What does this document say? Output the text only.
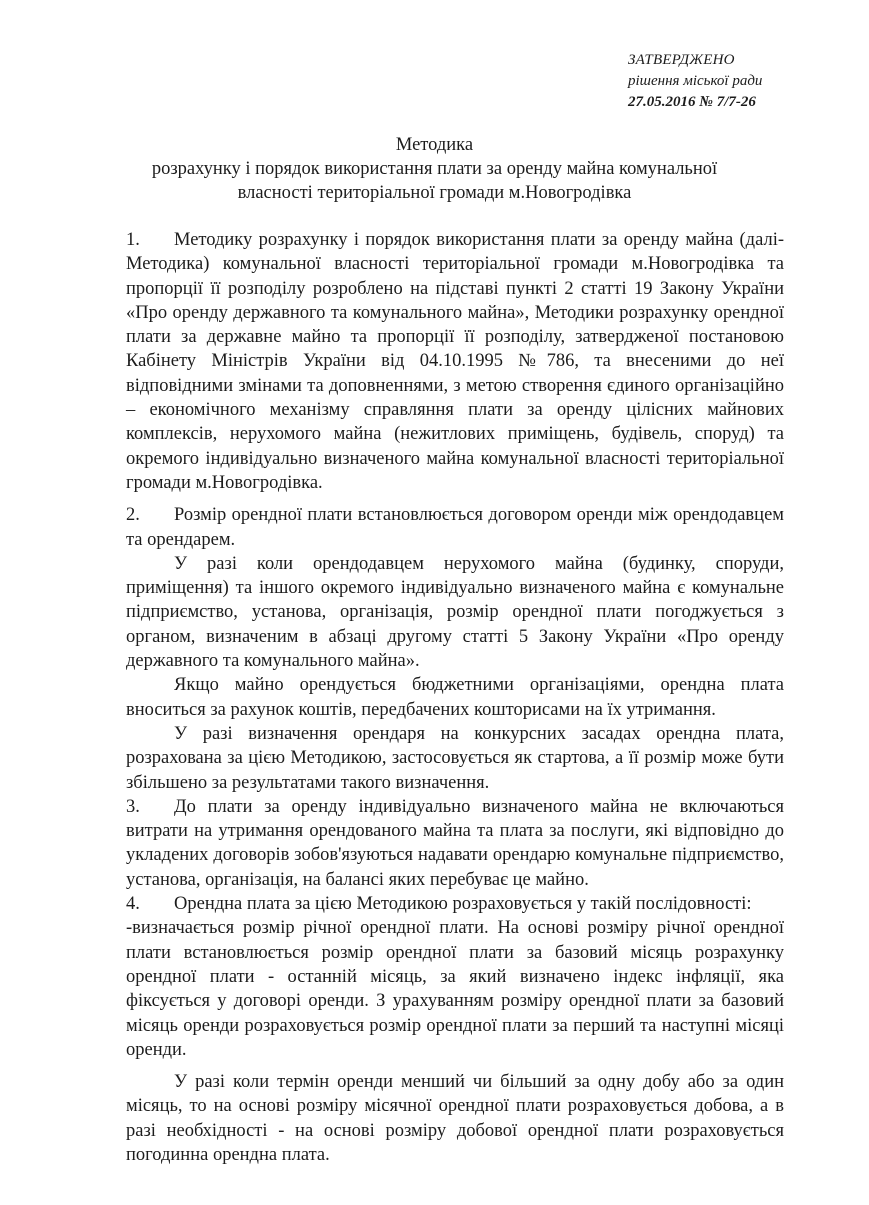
ЗАТВЕРДЖЕНО
рішення міської ради
27.05.2016 № 7/7-26
Методика
розрахунку і порядок використання плати за оренду майна комунальної
власності територіальної громади м.Новогродівка

1. Методику розрахунку і порядок використання плати за оренду майна (далі-Методика) комунальної власності територіальної громади м.Новогродівка та пропорції її розподілу розроблено на підставі пункті 2 статті 19 Закону України «Про оренду державного та комунального майна», Методики розрахунку орендної плати за державне майно та пропорції її розподілу, затвердженої постановою Кабінету Міністрів України від 04.10.1995 №786, та внесеними до неї відповідними змінами та доповненнями, з метою створення єдиного організаційно – економічного механізму справляння плати за оренду цілісних майнових комплексів, нерухомого майна (нежитлових приміщень, будівель, споруд) та окремого індивідуально визначеного майна комунальної власності територіальної громади м.Новогродівка.

2. Розмір орендної плати встановлюється договором оренди між орендодавцем та орендарем.

У разі коли орендодавцем нерухомого майна (будинку, споруди, приміщення) та іншого окремого індивідуально визначеного майна є комунальне підприємство, установа, організація, розмір орендної плати погоджується з органом, визначеним в абзаці другому статті 5 Закону України «Про оренду державного та комунального майна».

Якщо майно орендується бюджетними організаціями, орендна плата вноситься за рахунок коштів, передбачених кошторисами на їх утримання.

У разі визначення орендаря на конкурсних засадах орендна плата, розрахована за цією Методикою, застосовується як стартова, а її розмір може бути збільшено за результатами такого визначення.

3. До плати за оренду індивідуально визначеного майна не включаються витрати на утримання орендованого майна та плата за послуги, які відповідно до укладених договорів зобов'язуються надавати орендарю комунальне підприємство, установа, організація, на балансі яких перебуває це майно.

4. Орендна плата за цією Методикою розраховується у такій послідовності:

-визначається розмір річної орендної плати. На основі розміру річної орендної плати встановлюється розмір орендної плати за базовий місяць розрахунку орендної плати - останній місяць, за який визначено індекс інфляції, яка фіксується у договорі оренди. З урахуванням розміру орендної плати за базовий місяць оренди розраховується розмір орендної плати за перший та наступні місяці оренди.

У разі коли термін оренди менший чи більший за одну добу або за один місяць, то на основі розміру місячної орендної плати розраховується добова, а в разі необхідності - на основі розміру добової орендної плати розраховується погодинна орендна плата.
